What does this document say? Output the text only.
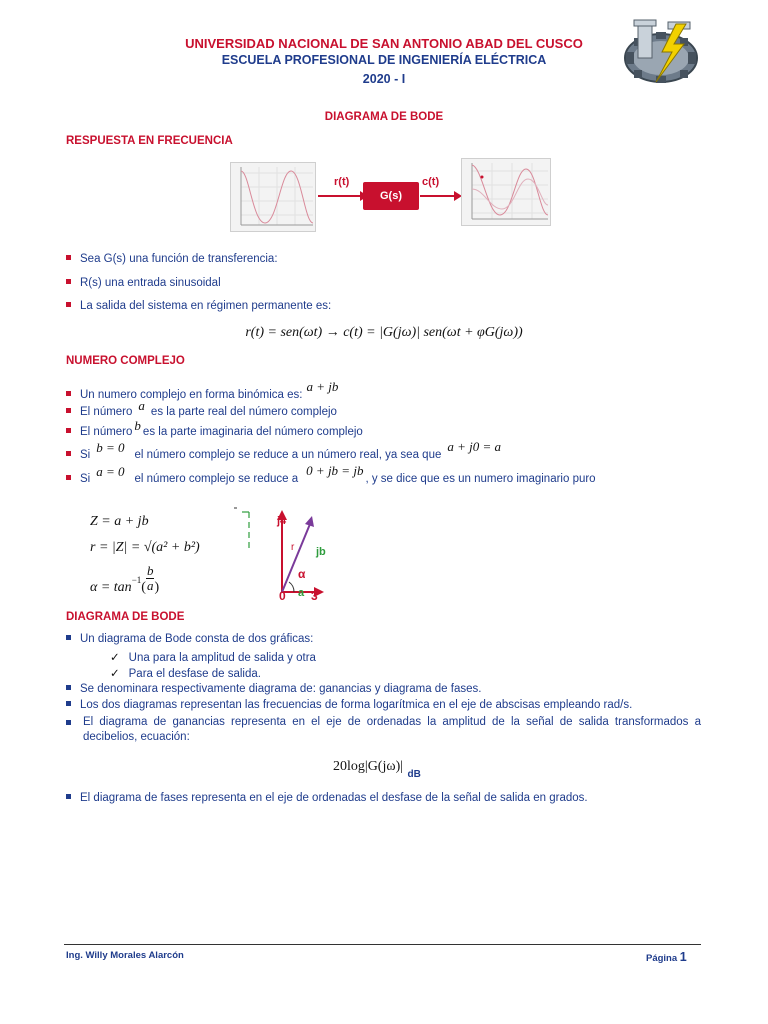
UNIVERSIDAD NACIONAL DE SAN ANTONIO ABAD DEL CUSCO
ESCUELA PROFESIONAL DE INGENIERÍA ELÉCTRICA
2020 - I
DIAGRAMA DE BODE
RESPUESTA EN FRECUENCIA
r(t)
G(s)
c(t)
Sea G(s) una función de transferencia:
R(s) una entrada sinusoidal
La salida del sistema en régimen permanente es:
r(t) = sen(ωt) → c(t) = |G(jω)| sen(ωt + φG(jω))
NUMERO COMPLEJO
Un numero complejo en forma binómica es:a + jb
El número a es la parte real del número complejo
El número b es la parte imaginaria del número complejo
Si b = 0 el número complejo se reduce a un número real, ya sea quea + j0 = a
Si a = 0 el número complejo se reduce a0 + jb = jb, y se dice que es un numero imaginario puro
Z = a + jb
r = |Z| = √(a² + b²)
$\alpha = \tan-1( \frac{b}{a}$ )
j4
r jb
α
0 a 3
DIAGRAMA DE BODE
Un diagrama de Bode consta de dos gráficas:
✓ Una para la amplitud de salida y otra
✓ Para el desfase de salida.
Se denominara respectivamente diagrama de: ganancias y diagrama de fases.
Los dos diagramas representan las frecuencias de forma logarítmica en el eje de abscisas empleando rad/s.
El diagrama de ganancias representa en el eje de ordenadas la amplitud de la señal de salida transformados a decibelios, ecuación:
20log|G(jω)| $_{dB}$
El diagrama de fases representa en el eje de ordenadas el desfase de la señal de salida en grados.
Ing. Willy Morales Alarcón	Página 1
